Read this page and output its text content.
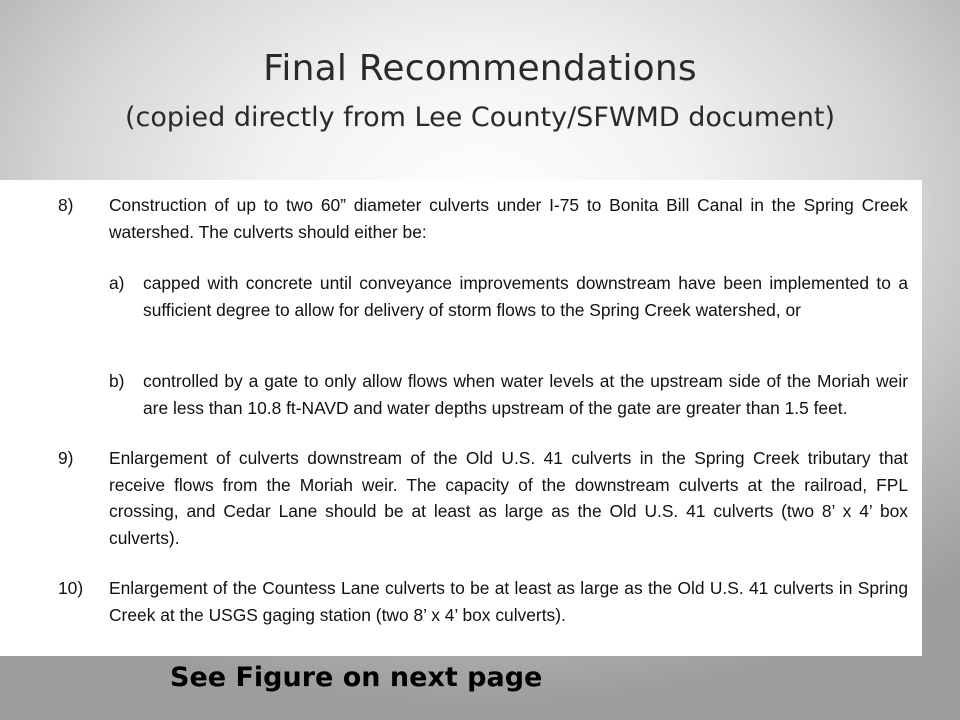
Final Recommendations
(copied directly from Lee County/SFWMD document)
8) Construction of up to two 60” diameter culverts under I-75 to Bonita Bill Canal in the Spring Creek watershed. The culverts should either be:
a) capped with concrete until conveyance improvements downstream have been implemented to a sufficient degree to allow for delivery of storm flows to the Spring Creek watershed, or
b) controlled by a gate to only allow flows when water levels at the upstream side of the Moriah weir are less than 10.8 ft-NAVD and water depths upstream of the gate are greater than 1.5 feet.
9) Enlargement of culverts downstream of the Old U.S. 41 culverts in the Spring Creek tributary that receive flows from the Moriah weir. The capacity of the downstream culverts at the railroad, FPL crossing, and Cedar Lane should be at least as large as the Old U.S. 41 culverts (two 8’ x 4’ box culverts).
10) Enlargement of the Countess Lane culverts to be at least as large as the Old U.S. 41 culverts in Spring Creek at the USGS gaging station (two 8’ x 4’ box culverts).
See Figure on next page
